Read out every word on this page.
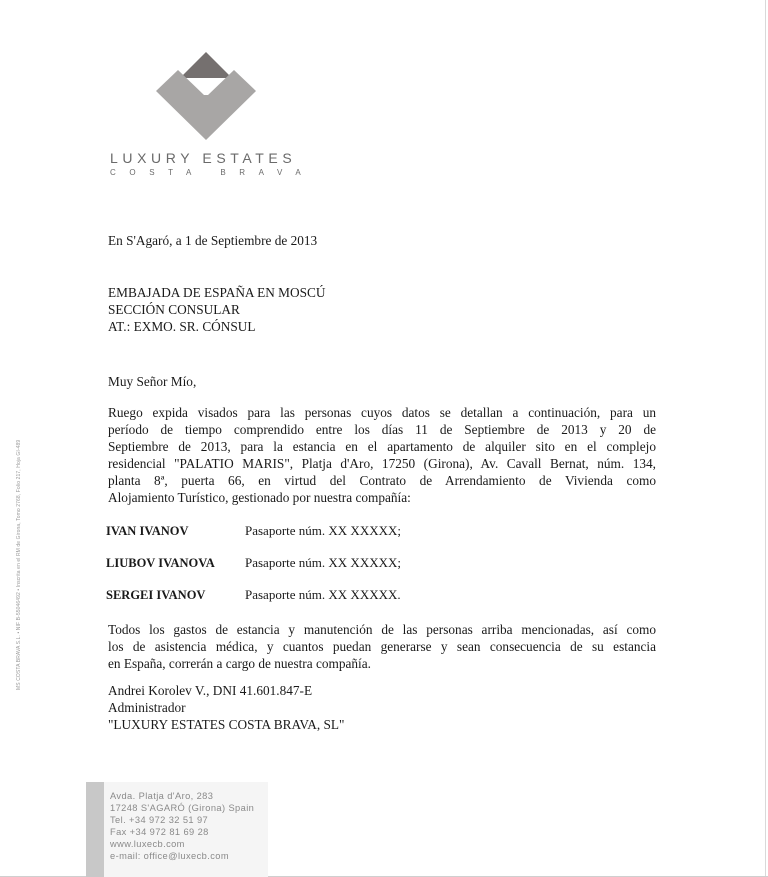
LUXURY ESTATES
COSTA BRAVA
MS COSTA BRAVA S.L. • NIF B-55046492 • Inscrita en el RM de Girona, Tomo 2768, Folio 217, Hoja GI-489
En S'Agaró, a 1 de Septiembre de 2013
EMBAJADA DE ESPAÑA EN MOSCÚ
SECCIÓN CONSULAR
AT.: EXMO. SR. CÓNSUL
Muy Señor Mío,
Ruego expida visados para las personas cuyos datos se detallan a continuación, para un
período de tiempo comprendido entre los días 11 de Septiembre de 2013 y 20 de
Septiembre de 2013, para la estancia en el apartamento de alquiler sito en el complejo
residencial "PALATIO MARIS", Platja d'Aro, 17250 (Girona), Av. Cavall Bernat, núm. 134,
planta 8ª, puerta 66, en virtud del Contrato de Arrendamiento de Vivienda como
Alojamiento Turístico, gestionado por nuestra compañía:
IVAN IVANOV	Pasaporte núm. XX XXXXX;
LIUBOV IVANOVA Pasaporte núm. XX XXXXX;
SERGEI IVANOV	Pasaporte núm. XX XXXXX.
Todos los gastos de estancia y manutención de las personas arriba mencionadas, así como
los de asistencia médica, y cuantos puedan generarse y sean consecuencia de su estancia
en España, correrán a cargo de nuestra compañía.
Andrei Korolev V., DNI 41.601.847-E
Administrador
"LUXURY ESTATES COSTA BRAVA, SL"
Avda. Platja d'Aro, 283
17248 S'AGARÓ (Girona) Spain
Tel. +34 972 32 51 97
Fax +34 972 81 69 28
www.luxecb.com
e-mail: office@luxecb.com
